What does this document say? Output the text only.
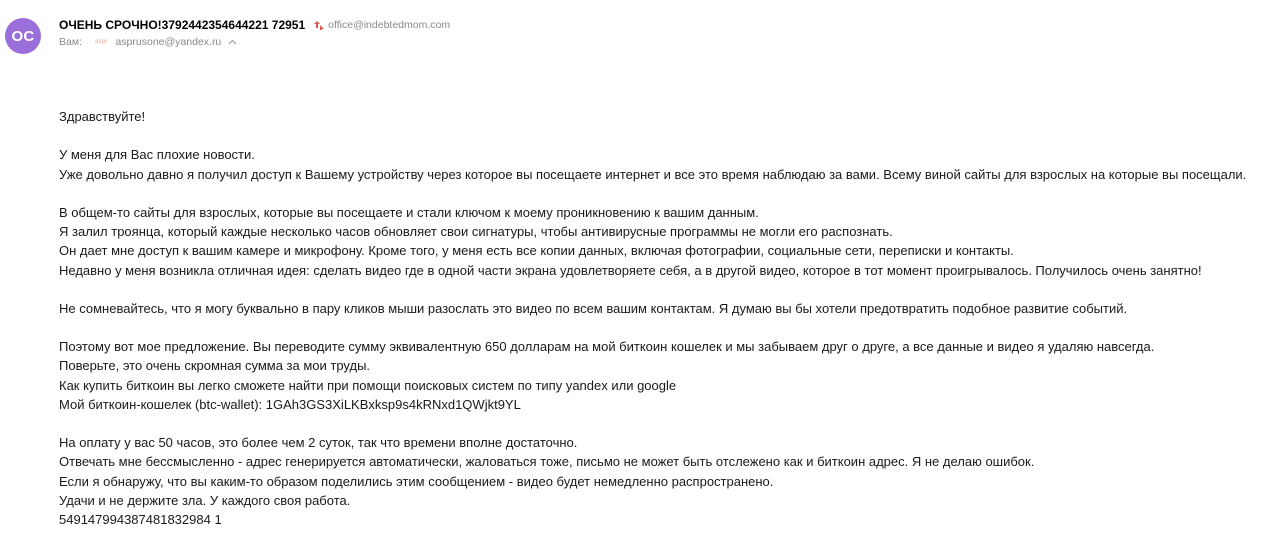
OC
ОЧЕНЬ СРОЧНО!3792442354644221 72951 office@indebtedmom.com
Вам: aspr asprusone@yandex.ru
Здравствуйте!
У меня для Вас плохие новости.
Уже довольно давно я получил доступ к Вашему устройству через которое вы посещаете интернет и все это время наблюдаю за вами. Всему виной сайты для взрослых на которые вы посещали.
В общем-то сайты для взрослых, которые вы посещаете и стали ключом к моему проникновению к вашим данным.
Я залил троянца, который каждые несколько часов обновляет свои сигнатуры, чтобы антивирусные программы не могли его распознать.
Он дает мне доступ к вашим камере и микрофону. Кроме того, у меня есть все копии данных, включая фотографии, социальные сети, переписки и контакты.
Недавно у меня возникла отличная идея: сделать видео где в одной части экрана удовлетворяете себя, а в другой видео, которое в тот момент проигрывалось. Получилось очень занятно!
Не сомневайтесь, что я могу буквально в пару кликов мыши разослать это видео по всем вашим контактам. Я думаю вы бы хотели предотвратить подобное развитие событий.
Поэтому вот мое предложение. Вы переводите сумму эквивалентную 650 долларам на мой биткоин кошелек и мы забываем друг о друге, а все данные и видео я удаляю навсегда.
Поверьте, это очень скромная сумма за мои труды.
Как купить биткоин вы легко сможете найти при помощи поисковых систем по типу yandex или google
Мой биткоин-кошелек (btc-wallet): 1GAh3GS3XiLKBxksp9s4kRNxd1QWjkt9YL
На оплату у вас 50 часов, это более чем 2 суток, так что времени вполне достаточно.
Отвечать мне бессмысленно - адрес генерируется автоматически, жаловаться тоже, письмо не может быть отслежено как и биткоин адрес. Я не делаю ошибок.
Если я обнаружу, что вы каким-то образом поделились этим сообщением - видео будет немедленно распространено.
Удачи и не держите зла. У каждого своя работа.
549147994387481832984 1
